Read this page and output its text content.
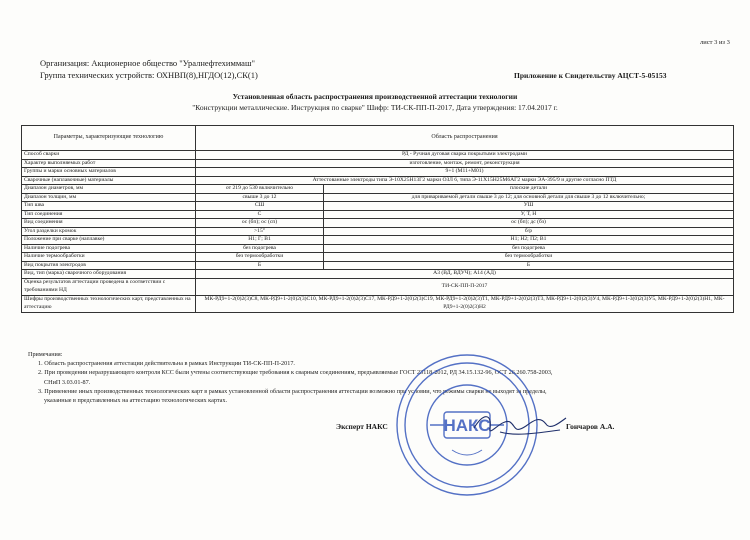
лист 3 из 3
Организация: Акционерное общество "Уралнефтехиммаш"
Группа технических устройств: ОХНВП(8),НГДО(12),СК(1)	Приложение к Свидетельству АЦСТ-5-05153
Установленная область распространения производственной аттестации технологии
"Конструкции металлические. Инструкция по сварке" Шифр: ТИ-СК-ПП-П-2017, Дата утверждения: 17.04.2017 г.
Параметры, характеризующие технологию	Область распространения	
Способ сварки	РД - Ручная дуговая сварка покрытыми электродами	
Характер выполняемых работ	изготовление, монтаж, ремонт, реконструкция	
Группы и марки основных материалов	9+1 (М11+М01)	
Сварочные (наплавочные) материалы	Аттестованные электроды типа Э-10Х25Н13Г2 марки ОЗЛ 6, типа Э-11Х15Н25М6АГ2 марки ЭА-395/9 и другие согласно ПТД	
Диапазон диаметров, мм	от 219 до 530 включительно	плоские детали
Диапазон толщин, мм	свыше 3 до 12	для привариваемой детали свыше 3 до 12; для основной детали для свыше 3 до 12 включительно;
Тип шва	СШ	УШ
Тип соединения	С	У, Т, Н
Вид соединения	ос (бп); ос (сп)	ос (бп); дс (бз)
Угол разделки кромок	>15°	б/р
Положение при сварке (наплавке)	Н1; Г; В1	Н1; Н2; П2; В1
Наличие подогрева	без подогрева	без подогрева
Наличие термообработки	без термообработки	без термообработки
Вид покрытия электродов	Б	Б
Вид, тип (марка) сварочного оборудования	А3 (ВД, ВДУЧ); А14 (АД)	
Оценка результатов аттестации проведена в соответствии с требованиями НД	ТИ-СК-ПП-П-2017	
Шифры производственных технологических карт, представленных на аттестацию	МК-РД9+1-2(0)2(3)С8, МК-РД9+1-2(0)2(3)С10, МК-РД9+1-2(0)2(3)С17, МК-РД9+1-2(0)2(3)С19, МК-РД9+1-2(0)2(3)Т1, МК-РД9+1-2(0)2(3)Т3, МК-РД9+1-2(0)2(3)У4, МК-РД9+1-3(0)2(3)У5, МК-РД9+1-2(0)2(3)Н1, МК-РД9+1-2(0)2(3)Н2	
Примечания:
1. Область распространения аттестации действительна в рамках Инструкции ТИ-СК-ПП-П-2017.
2. При проведении неразрушающего контроля КСС были учтены соответствующие требования к сварным соединениям, предъявляемые ГОСТ 23118-2012, РД 34.15.132-96, ОСТ 26.260.758-2003,
СНиП 3.03.01-87.
3. Применение иных производственных технологических карт в рамках установленной области распространения аттестации возможно при условии, что режимы сварки не выходят за пределы,
указанные в представленных на аттестацию технологических картах.
НАКС
Эксперт НАКС	Гончаров А.А.
